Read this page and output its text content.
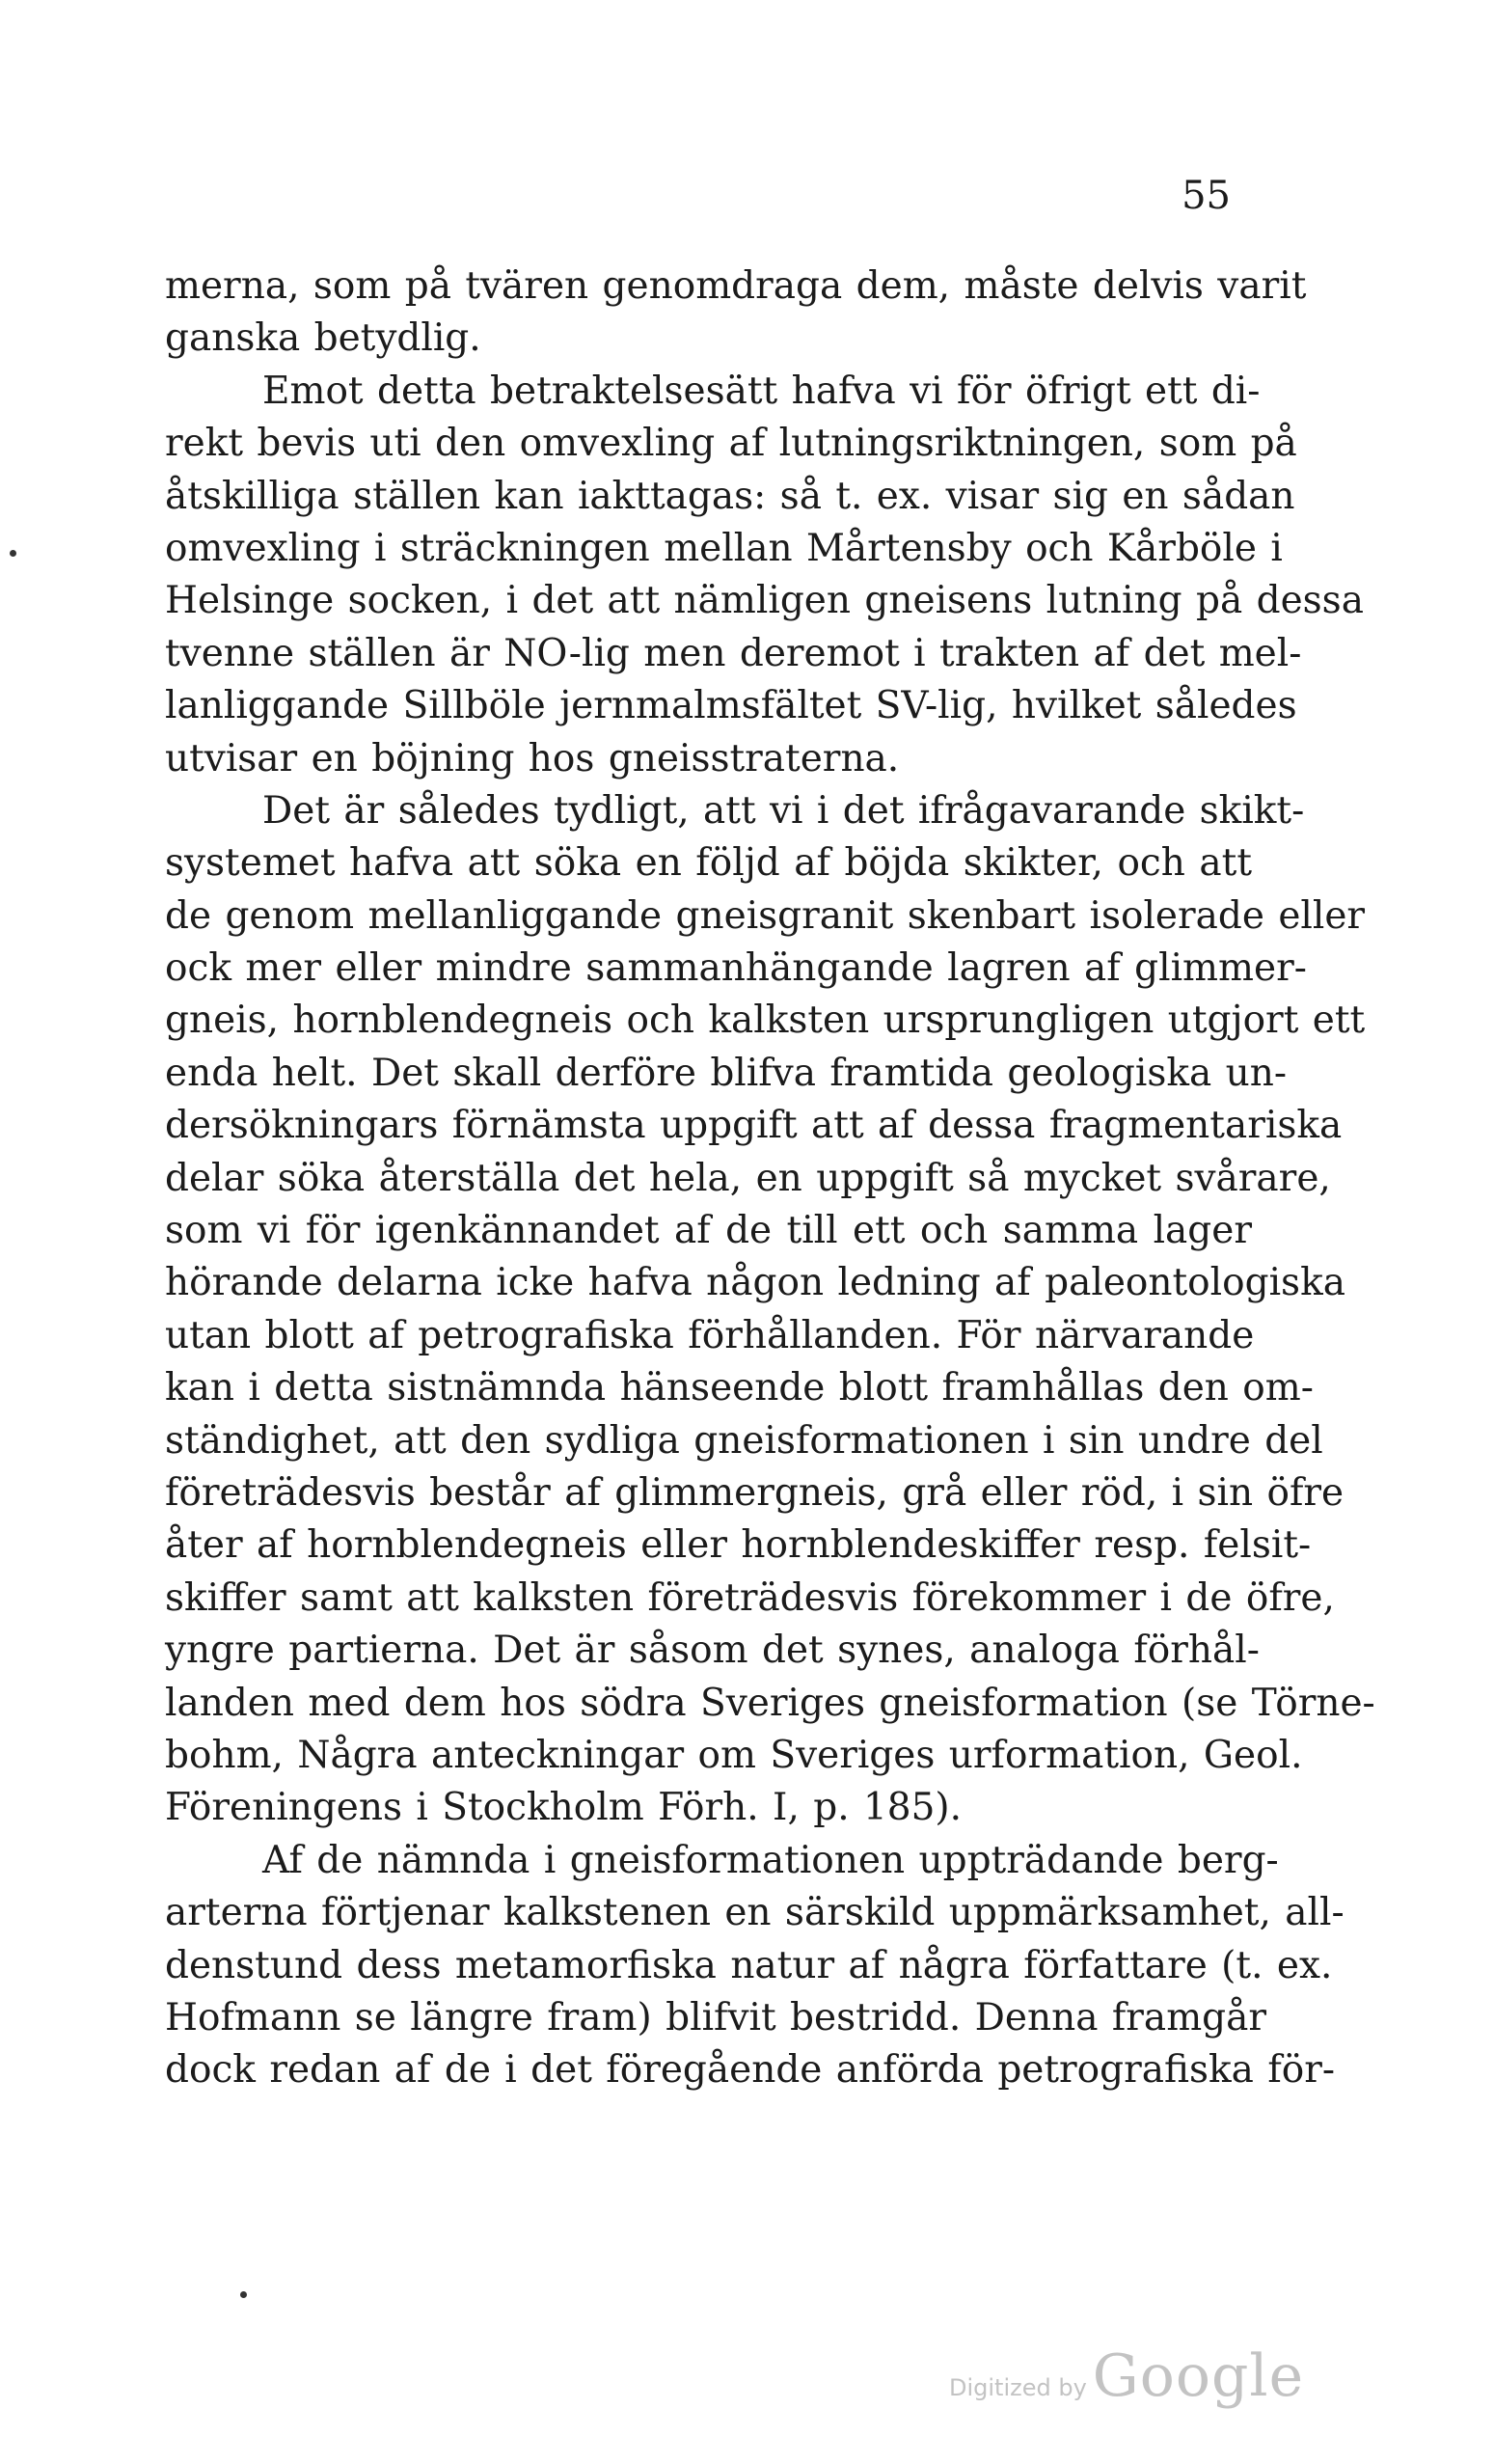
55
merna, som på tvären genomdraga dem, måste delvis varit
ganska betydlig.
Emot detta betraktelsesätt hafva vi för öfrigt ett di-
rekt bevis uti den omvexling af lutningsriktningen, som på
åtskilliga ställen kan iakttagas: så t. ex. visar sig en sådan
omvexling i sträckningen mellan Mårtensby och Kårböle i
Helsinge socken, i det att nämligen gneisens lutning på dessa
tvenne ställen är NO-lig men deremot i trakten af det mel-
lanliggande Sillböle jernmalmsfältet SV-lig, hvilket således
utvisar en böjning hos gneisstraterna.
Det är således tydligt, att vi i det ifrågavarande skikt-
systemet hafva att söka en följd af böjda skikter, och att
de genom mellanliggande gneisgranit skenbart isolerade eller
ock mer eller mindre sammanhängande lagren af glimmer-
gneis, hornblendegneis och kalksten ursprungligen utgjort ett
enda helt. Det skall derföre blifva framtida geologiska un-
dersökningars förnämsta uppgift att af dessa fragmentariska
delar söka återställa det hela, en uppgift så mycket svårare,
som vi för igenkännandet af de till ett och samma lager
hörande delarna icke hafva någon ledning af paleontologiska
utan blott af petrografiska förhållanden. För närvarande
kan i detta sistnämnda hänseende blott framhållas den om-
ständighet, att den sydliga gneisformationen i sin undre del
företrädesvis består af glimmergneis, grå eller röd, i sin öfre
åter af hornblendegneis eller hornblendeskiffer resp. felsit-
skiffer samt att kalksten företrädesvis förekommer i de öfre,
yngre partierna. Det är såsom det synes, analoga förhål-
landen med dem hos södra Sveriges gneisformation (se Törne-
bohm, Några anteckningar om Sveriges urformation, Geol.
Föreningens i Stockholm Förh. I, p. 185).
Af de nämnda i gneisformationen uppträdande berg-
arterna förtjenar kalkstenen en särskild uppmärksamhet, all-
denstund dess metamorfiska natur af några författare (t. ex.
Hofmann se längre fram) blifvit bestridd. Denna framgår
dock redan af de i det föregående anförda petrografiska för-
Digitized by Google
